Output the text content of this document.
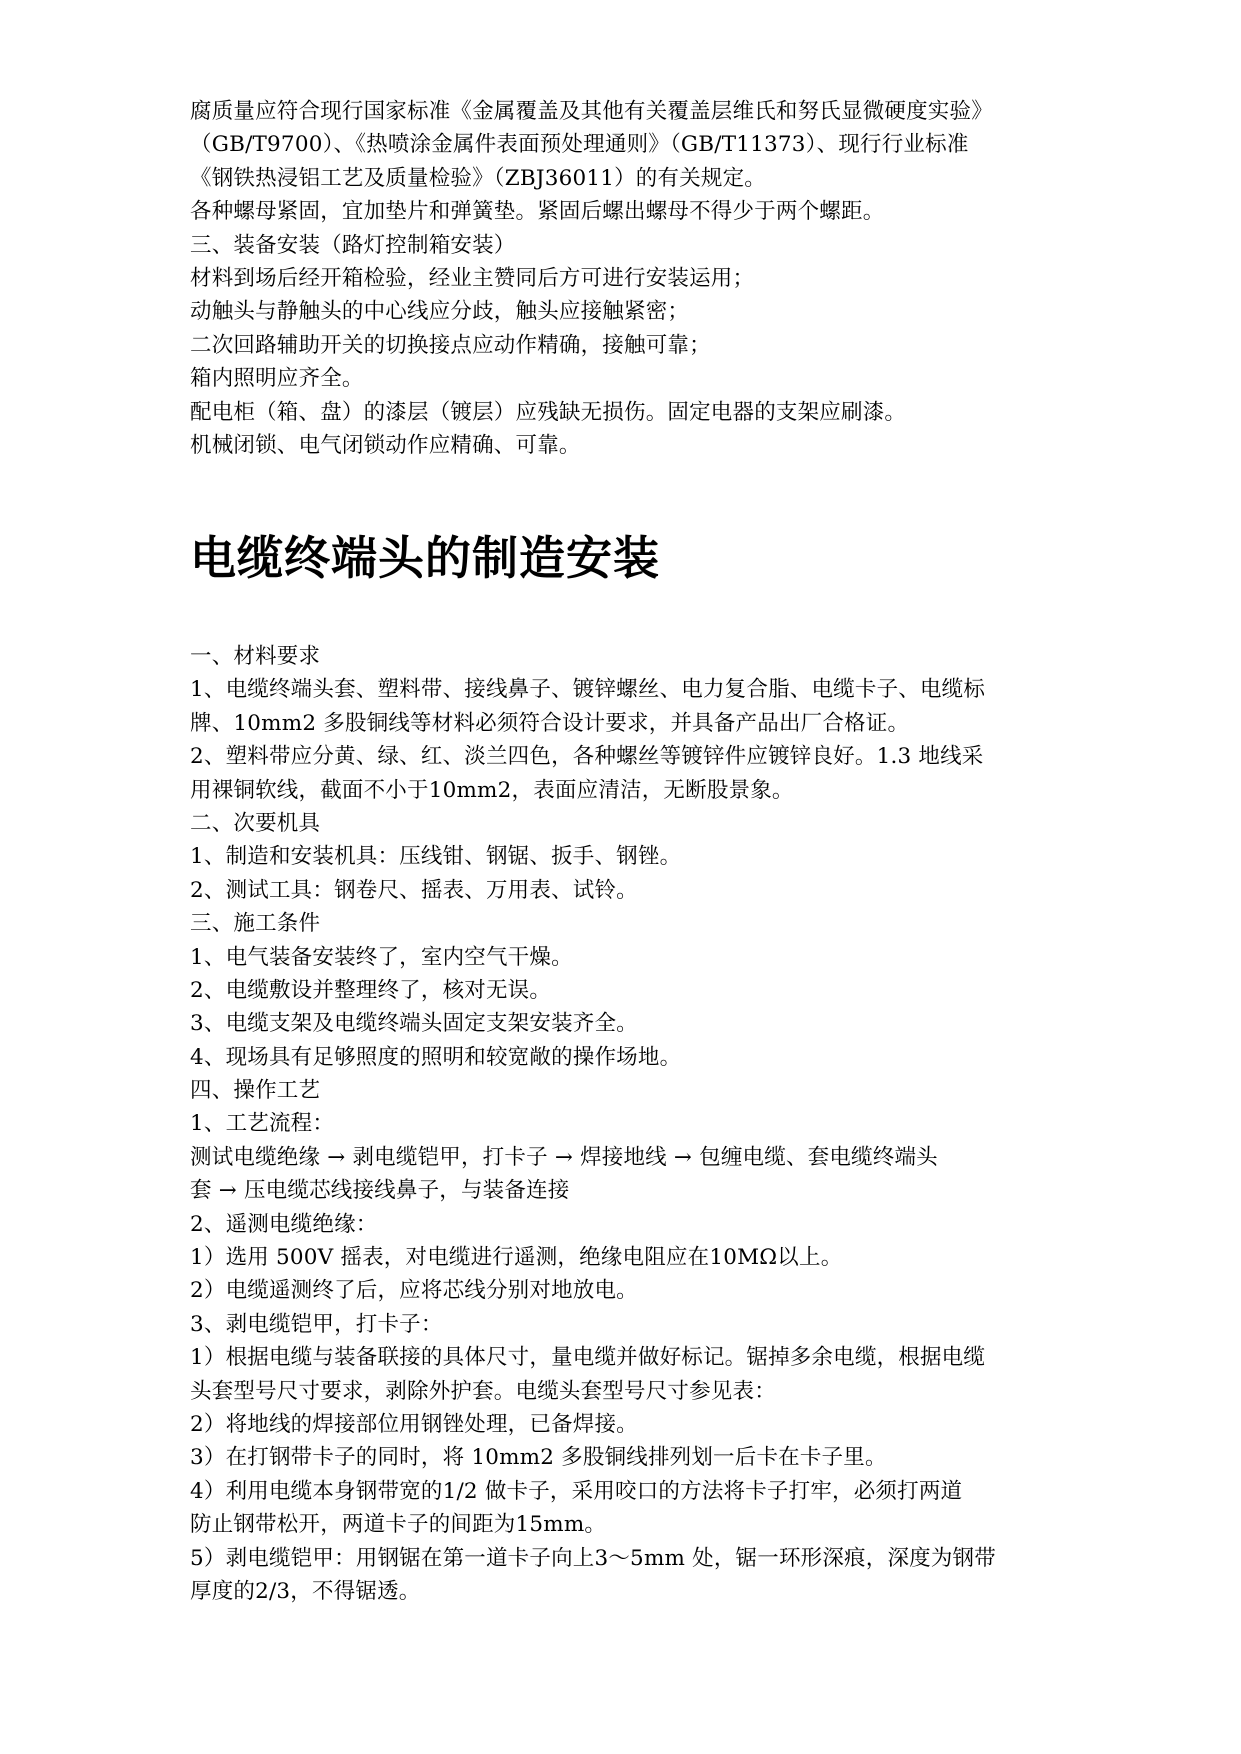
腐质量应符合现行国家标准《金属覆盖及其他有关覆盖层维氏和努氏显微硬度实验》
（GB/T9700）、《热喷涂金属件表面预处理通则》（GB/T11373）、现行行业标准
《钢铁热浸铝工艺及质量检验》（ZBJ36011）的有关规定。
各种螺母紧固，宜加垫片和弹簧垫。紧固后螺出螺母不得少于两个螺距。
三、装备安装（路灯控制箱安装）
材料到场后经开箱检验，经业主赞同后方可进行安装运用；
动触头与静触头的中心线应分歧，触头应接触紧密；
二次回路辅助开关的切换接点应动作精确，接触可靠；
箱内照明应齐全。
配电柜（箱、盘）的漆层（镀层）应残缺无损伤。固定电器的支架应刷漆。
机械闭锁、电气闭锁动作应精确、可靠。
电缆终端头的制造安装
一、材料要求
1、电缆终端头套、塑料带、接线鼻子、镀锌螺丝、电力复合脂、电缆卡子、电缆标
牌、10mm2 多股铜线等材料必须符合设计要求，并具备产品出厂合格证。
2、塑料带应分黄、绿、红、淡兰四色，各种螺丝等镀锌件应镀锌良好。1.3 地线采
用裸铜软线，截面不小于10mm2，表面应清洁，无断股景象。
二、次要机具
1、制造和安装机具：压线钳、钢锯、扳手、钢锉。
2、测试工具：钢卷尺、摇表、万用表、试铃。
三、施工条件
1、电气装备安装终了，室内空气干燥。
2、电缆敷设并整理终了，核对无误。
3、电缆支架及电缆终端头固定支架安装齐全。
4、现场具有足够照度的照明和较宽敞的操作场地。
四、操作工艺
1、工艺流程：
测试电缆绝缘 → 剥电缆铠甲，打卡子 → 焊接地线 → 包缠电缆、套电缆终端头
套 → 压电缆芯线接线鼻子，与装备连接
2、遥测电缆绝缘：
1）选用 500V 摇表，对电缆进行遥测，绝缘电阻应在10MΩ以上。
2）电缆遥测终了后，应将芯线分别对地放电。
3、剥电缆铠甲，打卡子：
1）根据电缆与装备联接的具体尺寸，量电缆并做好标记。锯掉多余电缆，根据电缆
头套型号尺寸要求，剥除外护套。电缆头套型号尺寸参见表：
2）将地线的焊接部位用钢锉处理，已备焊接。
3）在打钢带卡子的同时，将 10mm2 多股铜线排列划一后卡在卡子里。
4）利用电缆本身钢带宽的1/2 做卡子，采用咬口的方法将卡子打牢，必须打两道
防止钢带松开，两道卡子的间距为15mm。
5）剥电缆铠甲：用钢锯在第一道卡子向上3～5mm 处，锯一环形深痕，深度为钢带
厚度的2/3，不得锯透。
